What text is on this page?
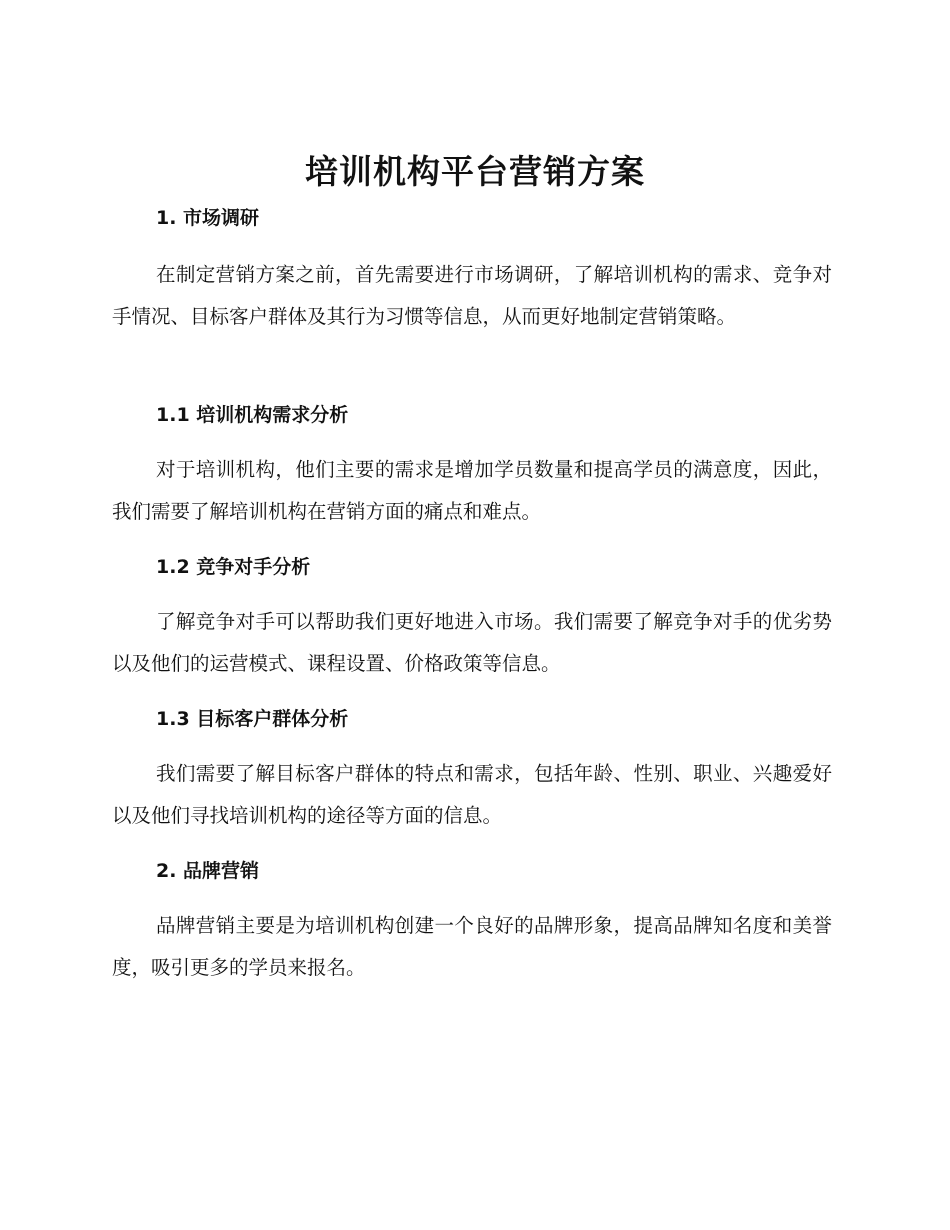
培训机构平台营销方案
1. 市场调研

在制定营销方案之前，首先需要进行市场调研，了解培训机构的需求、竞争对手情况、目标客户群体及其行为习惯等信息，从而更好地制定营销策略。

1.1 培训机构需求分析

对于培训机构，他们主要的需求是增加学员数量和提高学员的满意度，因此，我们需要了解培训机构在营销方面的痛点和难点。

1.2 竞争对手分析

了解竞争对手可以帮助我们更好地进入市场。我们需要了解竞争对手的优劣势以及他们的运营模式、课程设置、价格政策等信息。

1.3 目标客户群体分析

我们需要了解目标客户群体的特点和需求，包括年龄、性别、职业、兴趣爱好以及他们寻找培训机构的途径等方面的信息。

2. 品牌营销

品牌营销主要是为培训机构创建一个良好的品牌形象，提高品牌知名度和美誉度，吸引更多的学员来报名。
